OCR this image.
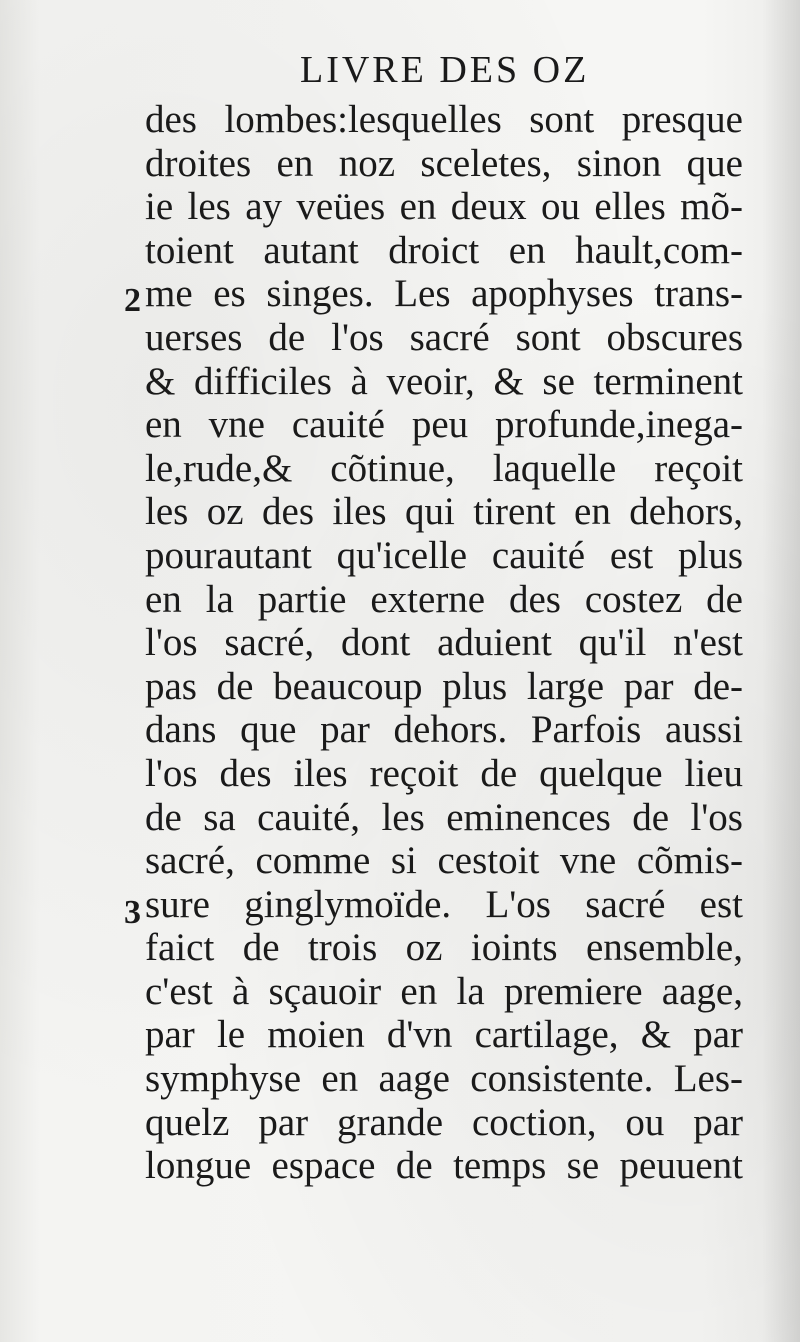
LIVRE DES OZ
2
3
des lombes:lesquelles sont presque
droites en noz sceletes, sinon que
ie les ay veües en deux ou elles mõ-
toient autant droict en hault,com-
me es singes. Les apophyses trans-
uerses de l'os sacré sont obscures
& difficiles à veoir, & se terminent
en vne cauité peu profunde,inega-
le,rude,& cõtinue, laquelle reçoit
les oz des iles qui tirent en dehors,
pourautant qu'icelle cauité est plus
en la partie externe des costez de
l'os sacré, dont aduient qu'il n'est
pas de beaucoup plus large par de-
dans que par dehors. Parfois aussi
l'os des iles reçoit de quelque lieu
de sa cauité, les eminences de l'os
sacré, comme si cestoit vne cõmis-
sure ginglymoïde. L'os sacré est
faict de trois oz ioints ensemble,
c'est à sçauoir en la premiere aage,
par le moien d'vn cartilage, & par
symphyse en aage consistente. Les-
quelz par grande coction, ou par
longue espace de temps se peuuent
